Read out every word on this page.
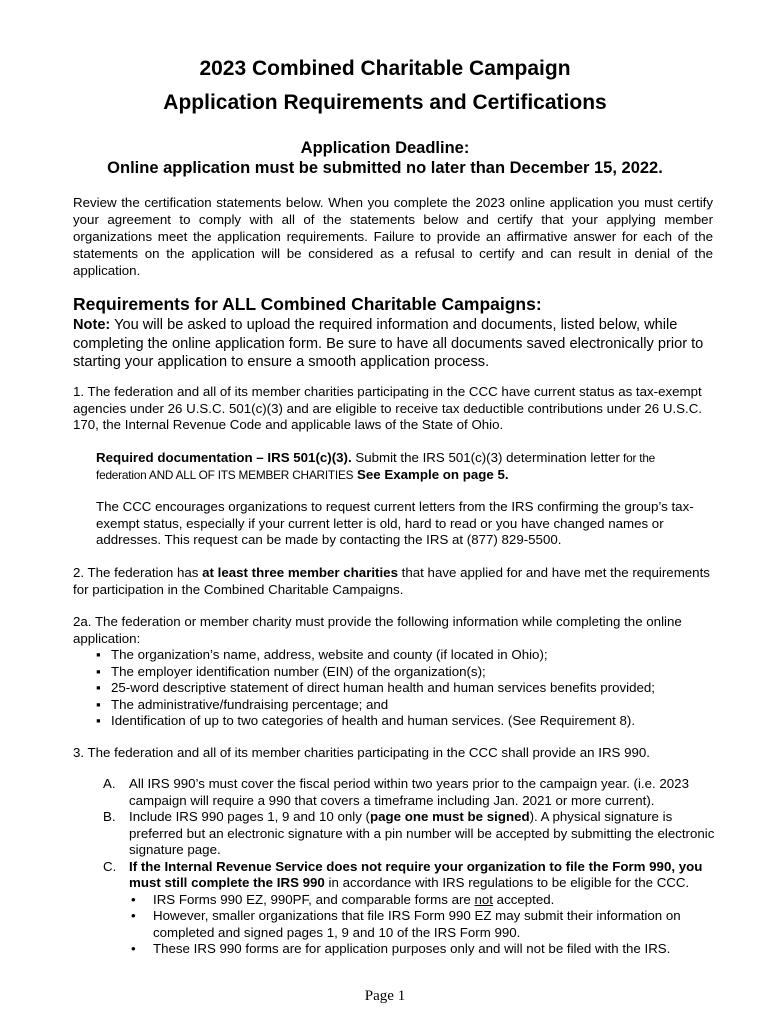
2023 Combined Charitable Campaign
Application Requirements and Certifications
Application Deadline:
Online application must be submitted no later than December 15, 2022.
Review the certification statements below. When you complete the 2023 online application you must certify your agreement to comply with all of the statements below and certify that your applying member organizations meet the application requirements. Failure to provide an affirmative answer for each of the statements on the application will be considered as a refusal to certify and can result in denial of the application.
Requirements for ALL Combined Charitable Campaigns:
Note: You will be asked to upload the required information and documents, listed below, while completing the online application form. Be sure to have all documents saved electronically prior to starting your application to ensure a smooth application process.
1. The federation and all of its member charities participating in the CCC have current status as tax-exempt agencies under 26 U.S.C. 501(c)(3) and are eligible to receive tax deductible contributions under 26 U.S.C. 170, the Internal Revenue Code and applicable laws of the State of Ohio.
Required documentation – IRS 501(c)(3). Submit the IRS 501(c)(3) determination letter for the federation AND ALL OF ITS MEMBER CHARITIES See Example on page 5.
The CCC encourages organizations to request current letters from the IRS confirming the group’s tax-exempt status, especially if your current letter is old, hard to read or you have changed names or addresses. This request can be made by contacting the IRS at (877) 829-5500.
2. The federation has at least three member charities that have applied for and have met the requirements for participation in the Combined Charitable Campaigns.
2a. The federation or member charity must provide the following information while completing the online application:
▪ The organization’s name, address, website and county (if located in Ohio);
▪ The employer identification number (EIN) of the organization(s);
▪ 25-word descriptive statement of direct human health and human services benefits provided;
▪ The administrative/fundraising percentage; and
▪ Identification of up to two categories of health and human services. (See Requirement 8).
3. The federation and all of its member charities participating in the CCC shall provide an IRS 990.
A. All IRS 990’s must cover the fiscal period within two years prior to the campaign year. (i.e. 2023 campaign will require a 990 that covers a timeframe including Jan. 2021 or more current).
B. Include IRS 990 pages 1, 9 and 10 only (page one must be signed). A physical signature is preferred but an electronic signature with a pin number will be accepted by submitting the electronic signature page.
C. If the Internal Revenue Service does not require your organization to file the Form 990, you must still complete the IRS 990 in accordance with IRS regulations to be eligible for the CCC.
• IRS Forms 990 EZ, 990PF, and comparable forms are not accepted.
• However, smaller organizations that file IRS Form 990 EZ may submit their information on completed and signed pages 1, 9 and 10 of the IRS Form 990.
• These IRS 990 forms are for application purposes only and will not be filed with the IRS.
Page 1
